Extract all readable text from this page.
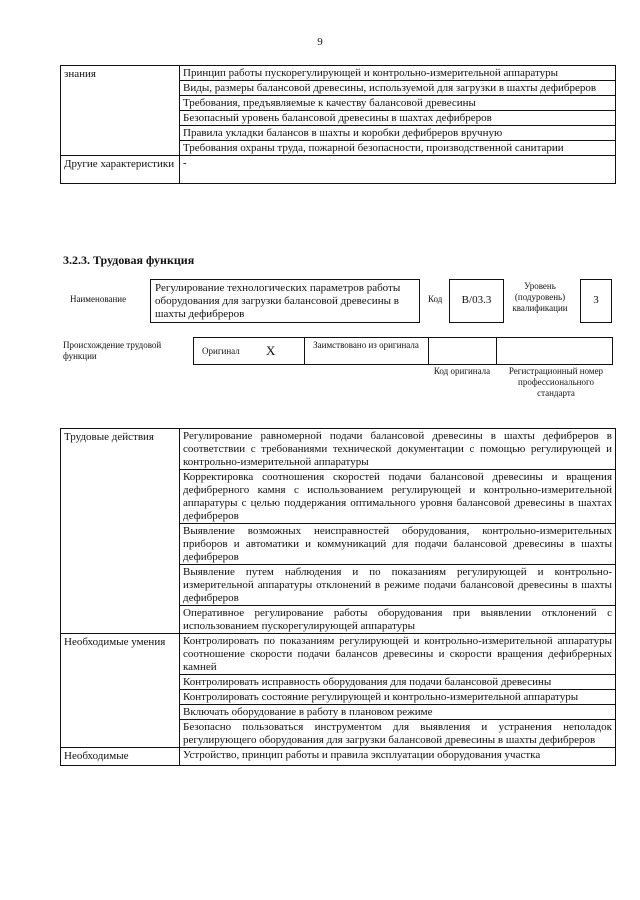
9
знания	Принцип работы пускорегулирующей и контрольно-измерительной аппаратуры
	Виды, размеры балансовой древесины, используемой для загрузки в шахты дефибреров
	Требования, предъявляемые к качеству балансовой древесины
	Безопасный уровень балансовой древесины в шахтах дефибреров
	Правила укладки балансов в шахты и коробки дефибреров вручную
	Требования охраны труда, пожарной безопасности, производственной санитарии
Другие характеристики	-
3.2.3. Трудовая функция
Наименование
Регулирование технологических параметров работы оборудования для загрузки балансовой древесины в шахты дефибреров
Код	В/03.3
Уровень (подуровень) квалификации
3
Происхождение трудовой функции	Оригинал X	Заимствовано из оригинала
Код оригинала	Регистрационный номер профессионального стандарта
Трудовые действия	Регулирование равномерной подачи балансовой древесины в шахты дефибреров в соответствии с требованиями технической документации с помощью регулирующей и контрольно-измерительной аппаратуры
	Корректировка соотношения скоростей подачи балансовой древесины и вращения дефибрерного камня с использованием регулирующей и контрольно-измерительной аппаратуры с целью поддержания оптимального уровня балансовой древесины в шахтах дефибреров
	Выявление возможных неисправностей оборудования, контрольно-измерительных приборов и автоматики и коммуникаций для подачи балансовой древесины в шахты дефибреров
	Выявление путем наблюдения и по показаниям регулирующей и контрольно-измерительной аппаратуры отклонений в режиме подачи балансовой древесины в шахты дефибреров
	Оперативное регулирование работы оборудования при выявлении отклонений с использованием пускорегулирующей аппаратуры
Необходимые умения	Контролировать по показаниям регулирующей и контрольно-измерительной аппаратуры соотношение скорости подачи балансов древесины и скорости вращения дефибрерных камней
	Контролировать исправность оборудования для подачи балансовой древесины
	Контролировать состояние регулирующей и контрольно-измерительной аппаратуры
	Включать оборудование в работу в плановом режиме
	Безопасно пользоваться инструментом для выявления и устранения неполадок регулирующего оборудования для загрузки балансовой древесины в шахты дефибреров
Необходимые	Устройство, принцип работы и правила эксплуатации оборудования участка
